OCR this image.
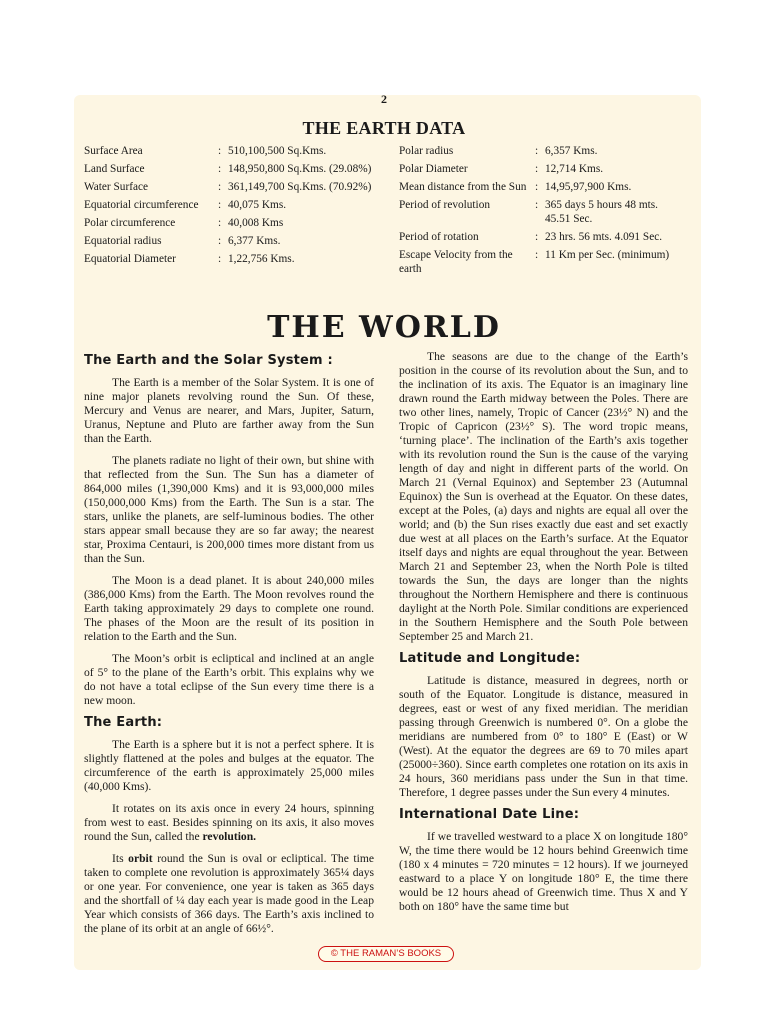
2
THE EARTH DATA
Surface Area	: 510,100,500 Sq.Kms.
Land Surface	: 148,950,800 Sq.Kms. (29.08%)
Water Surface	: 361,149,700 Sq.Kms. (70.92%)
Equatorial circumference	: 40,075 Kms.
Polar circumference	: 40,008 Kms
Equatorial radius	: 6,377 Kms.
Equatorial Diameter	: 1,22,756 Kms.
Polar radius	: 6,357 Kms.
Polar Diameter	: 12,714 Kms.
Mean distance from the Sun : 14,95,97,900 Kms.
Period of revolution	: 365 days 5 hours 48 mts. 45.51 Sec.
Period of rotation	: 23 hrs. 56 mts. 4.091 Sec.
Escape Velocity from the earth
: 11 Km per Sec. (minimum)
THE WORLD
The Earth and the Solar System :

The Earth is a member of the Solar System. It is one of nine major planets revolving round the Sun. Of these, Mercury and Venus are nearer, and Mars, Jupiter, Saturn, Uranus, Neptune and Pluto are farther away from the Sun than the Earth.

The planets radiate no light of their own, but shine with that reflected from the Sun. The Sun has a diameter of 864,000 miles (1,390,000 Kms) and it is 93,000,000 miles (150,000,000 Kms) from the Earth. The Sun is a star. The stars, unlike the planets, are self-luminous bodies. The other stars appear small because they are so far away; the nearest star, Proxima Centauri, is 200,000 times more distant from us than the Sun.

The Moon is a dead planet. It is about 240,000 miles (386,000 Kms) from the Earth. The Moon revolves round the Earth taking approximately 29 days to complete one round. The phases of the Moon are the result of its position in relation to the Earth and the Sun.

The Moon’s orbit is ecliptical and inclined at an angle of 5° to the plane of the Earth’s orbit. This explains why we do not have a total eclipse of the Sun every time there is a new moon.

The Earth:

The Earth is a sphere but it is not a perfect sphere. It is slightly flattened at the poles and bulges at the equator. The circumference of the earth is approximately 25,000 miles (40,000 Kms).

It rotates on its axis once in every 24 hours, spinning from west to east. Besides spinning on its axis, it also moves round the Sun, called the revolution.

Its orbit round the Sun is oval or ecliptical. The time taken to complete one revolution is approximately 365¼ days or one year. For convenience, one year is taken as 365 days and the shortfall of ¼ day each year is made good in the Leap Year which consists of 366 days. The Earth’s axis inclined to the plane of its orbit at an angle of 66½°.

The seasons are due to the change of the Earth’s position in the course of its revolution about the Sun, and to the inclination of its axis. The Equator is an imaginary line drawn round the Earth midway between the Poles. There are two other lines, namely, Tropic of Cancer (23½° N) and the Tropic of Capricon (23½° S). The word tropic means, ‘turning place’. The inclination of the Earth’s axis together with its revolution round the Sun is the cause of the varying length of day and night in different parts of the world. On March 21 (Vernal Equinox) and September 23 (Autumnal Equinox) the Sun is overhead at the Equator. On these dates, except at the Poles, (a) days and nights are equal all over the world; and (b) the Sun rises exactly due east and set exactly due west at all places on the Earth’s surface. At the Equator itself days and nights are equal throughout the year. Between March 21 and September 23, when the North Pole is tilted towards the Sun, the days are longer than the nights throughout the Northern Hemisphere and there is continuous daylight at the North Pole. Similar conditions are experienced in the Southern Hemisphere and the South Pole between September 25 and March 21.

Latitude and Longitude:

Latitude is distance, measured in degrees, north or south of the Equator. Longitude is distance, measured in degrees, east or west of any fixed meridian. The meridian passing through Greenwich is numbered 0°. On a globe the meridians are numbered from 0° to 180° E (East) or W (West). At the equator the degrees are 69 to 70 miles apart (25000÷360). Since earth completes one rotation on its axis in 24 hours, 360 meridians pass under the Sun in that time. Therefore, 1 degree passes under the Sun every 4 minutes.

International Date Line:

If we travelled westward to a place X on longitude 180° W, the time there would be 12 hours behind Greenwich time (180 x 4 minutes = 720 minutes = 12 hours). If we journeyed eastward to a place Y on longitude 180° E, the time there would be 12 hours ahead of Greenwich time. Thus X and Y both on 180° have the same time but

© THE RAMAN’S BOOKS
